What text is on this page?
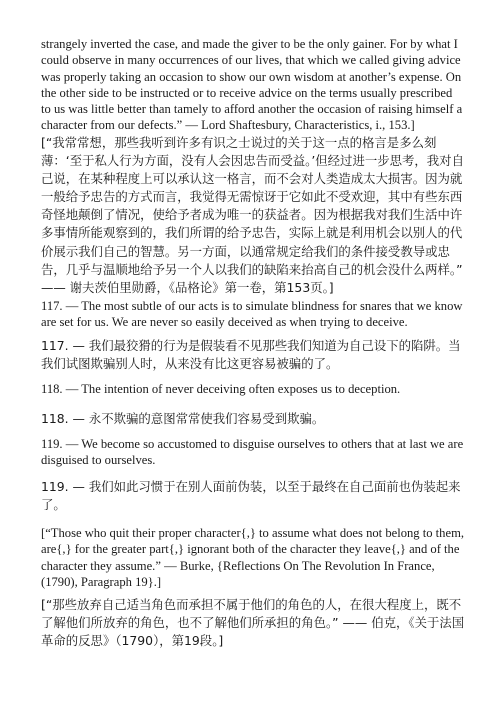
strangely inverted the case, and made the giver to be the only gainer. For by what I could observe in many occurrences of our lives, that which we called giving advice was properly taking an occasion to show our own wisdom at another’s expense. On the other side to be instructed or to receive advice on the terms usually prescribed to us was little better than tamely to afford another the occasion of raising himself a character from our defects.” — Lord Shaftesbury, Characteristics, i., 153.]

[“我常常想，那些我听到许多有识之士说过的关于这一点的格言是多么刻薄：‘至于私人行为方面，没有人会因忠告而受益。’但经过进一步思考，我对自己说，在某种程度上可以承认这一格言，而不会对人类造成太大损害。因为就一般给予忠告的方式而言，我觉得无需惊讶于它如此不受欢迎，其中有些东西奇怪地颠倒了情况，使给予者成为唯一的获益者。因为根据我对我们生活中许多事情所能观察到的，我们所谓的给予忠告，实际上就是利用机会以别人的代价展示我们自己的智慧。另一方面，以通常规定给我们的条件接受教导或忠告，几乎与温顺地给予另一个人以我们的缺陷来抬高自己的机会没什么两样。” —— 谢夫茨伯里勋爵，《品格论》第一卷，第153页。]

117. — The most subtle of our acts is to simulate blindness for snares that we know are set for us. We are never so easily deceived as when trying to deceive.

117. — 我们最狡猾的行为是假装看不见那些我们知道为自己设下的陷阱。当我们试图欺骗别人时，从来没有比这更容易被骗的了。

118. — The intention of never deceiving often exposes us to deception.

118. — 永不欺骗的意图常常使我们容易受到欺骗。

119. — We become so accustomed to disguise ourselves to others that at last we are disguised to ourselves.

119. — 我们如此习惯于在别人面前伪装，以至于最终在自己面前也伪装起来了。

[“Those who quit their proper character{,} to assume what does not belong to them, are{,} for the greater part{,} ignorant both of the character they leave{,} and of the character they assume.” — Burke, {Reflections On The Revolution In France, (1790), Paragraph 19}.]

[“那些放弃自己适当角色而承担不属于他们的角色的人，在很大程度上，既不了解他们所放弃的角色，也不了解他们所承担的角色。” —— 伯克，《关于法国革命的反思》（1790），第19段。]
